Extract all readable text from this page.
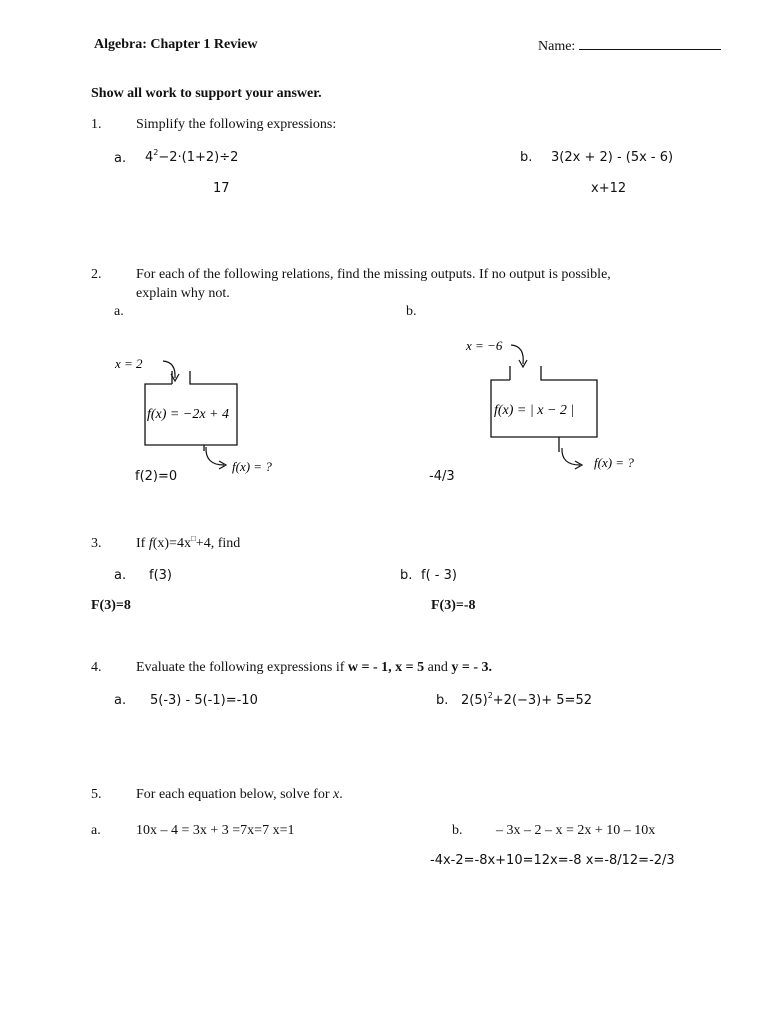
Algebra: Chapter 1 Review	Name:
Show all work to support your answer.
1. Simplify the following expressions:
a. $4^2-2\cdot(1+2)\div 2$
17
b. 3(2x + 2) - (5x - 6)
x+12
2. For each of the following relations, find the missing outputs. If no output is possible,
explain why not.
a.	b.
x = 2
f(x) = −2x + 4
f(x) = ?
f(2)=0
x = −6
f(x) = | x − 2 |
f(x) = ?
-4/3
3. If f(x)=4x□+4, find
a. f(3)	b. f( - 3)
F(3)=8	F(3)=-8
4. Evaluate the following expressions if w = - 1, x = 5 and y = - 3.
a. 5(-3) - 5(-1)=-10	b. $2(5)^2+2(-3)+ 5=52$
5. For each equation below, solve for x.
a.	10x – 4 = 3x + 3 =7x=7 x=1	b. – 3x – 2 – x = 2x + 10 – 10x
-4x-2=-8x+10=12x=-8 x=-8/12=-2/3
